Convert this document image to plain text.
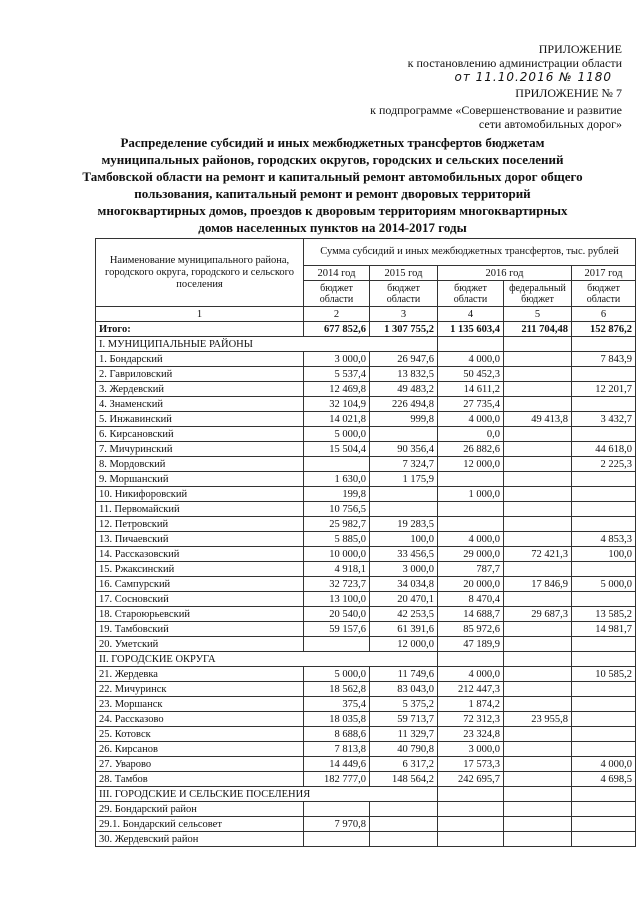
ПРИЛОЖЕНИЕ
к постановлению администрации области
от 11.10.2016 № 1180
ПРИЛОЖЕНИЕ № 7
к подпрограмме «Совершенствование и развитие
сети автомобильных дорог»
Распределение субсидий и иных межбюджетных трансфертов бюджетам муниципальных районов, городских округов, городских и сельских поселений Тамбовской области на ремонт и капитальный ремонт автомобильных дорог общего пользования, капитальный ремонт и ремонт дворовых территорий многоквартирных домов, проездов к дворовым территориям многоквартирных домов населенных пунктов на 2014-2017 годы
Наименование муниципального района, городского округа, городского и сельского поселения	Сумма субсидий и иных межбюджетных трансфертов, тыс. рублей				
	2014 год	2015 год	2016 год		2017 год
	бюджет области	бюджет области	бюджет области	федеральный бюджет	бюджет области
1	2	3	4	5	6
Итого:	677 852,6	1 307 755,2	1 135 603,4	211 704,48	152 876,2
I. МУНИЦИПАЛЬНЫЕ РАЙОНЫ					
1. Бондарский	3 000,0	26 947,6	4 000,0		7 843,9
2. Гавриловский	5 537,4	13 832,5	50 452,3		
3. Жердевский	12 469,8	49 483,2	14 611,2		12 201,7
4. Знаменский	32 104,9	226 494,8	27 735,4		
5. Инжавинский	14 021,8	999,8	4 000,0	49 413,8	3 432,7
6. Кирсановский	5 000,0		0,0		
7. Мичуринский	15 504,4	90 356,4	26 882,6		44 618,0
8. Мордовский		7 324,7	12 000,0		2 225,3
9. Моршанский	1 630,0	1 175,9			
10. Никифоровский	199,8		1 000,0		
11. Первомайский	10 756,5				
12. Петровский	25 982,7	19 283,5			
13. Пичаевский	5 885,0	100,0	4 000,0		4 853,3
14. Рассказовский	10 000,0	33 456,5	29 000,0	72 421,3	100,0
15. Ржаксинский	4 918,1	3 000,0	787,7		
16. Сампурский	32 723,7	34 034,8	20 000,0	17 846,9	5 000,0
17. Сосновский	13 100,0	20 470,1	8 470,4		
18. Староюрьевский	20 540,0	42 253,5	14 688,7	29 687,3	13 585,2
19. Тамбовский	59 157,6	61 391,6	85 972,6		14 981,7
20. Уметский		12 000,0	47 189,9		
II. ГОРОДСКИЕ ОКРУГА					
21. Жердевка	5 000,0	11 749,6	4 000,0		10 585,2
22. Мичуринск	18 562,8	83 043,0	212 447,3		
23. Моршанск	375,4	5 375,2	1 874,2		
24. Рассказово	18 035,8	59 713,7	72 312,3	23 955,8	
25. Котовск	8 688,6	11 329,7	23 324,8		
26. Кирсанов	7 813,8	40 790,8	3 000,0		
27. Уварово	14 449,6	6 317,2	17 573,3		4 000,0
28. Тамбов	182 777,0	148 564,2	242 695,7		4 698,5
III. ГОРОДСКИЕ И СЕЛЬСКИЕ ПОСЕЛЕНИЯ					
29. Бондарский район					
29.1. Бондарский сельсовет	7 970,8				
30. Жердевский район					
